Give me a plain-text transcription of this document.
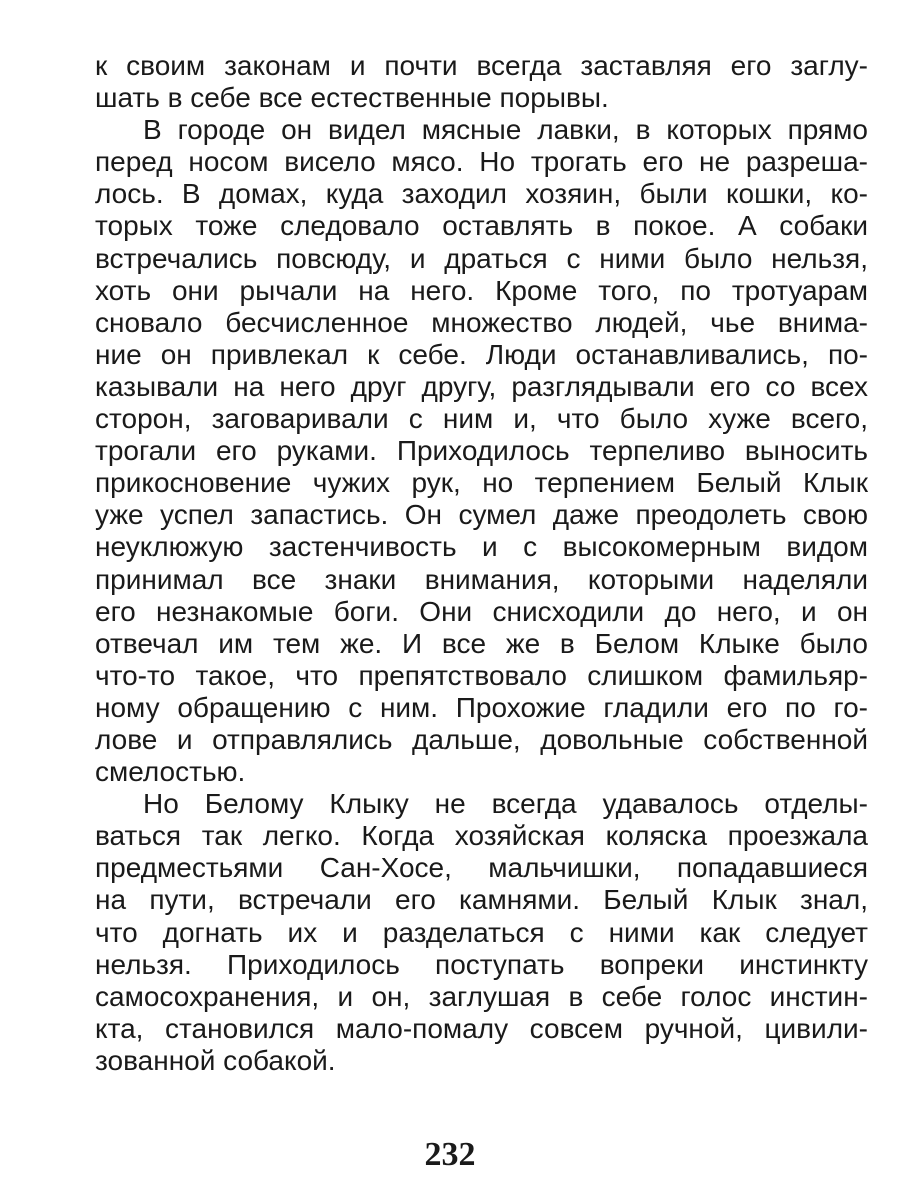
к своим законам и почти всегда заставляя его заглу-
шать в себе все естественные порывы.
В городе он видел мясные лавки, в которых прямо
перед носом висело мясо. Но трогать его не разреша-
лось. В домах, куда заходил хозяин, были кошки, ко-
торых тоже следовало оставлять в покое. А собаки
встречались повсюду, и драться с ними было нельзя,
хоть они рычали на него. Кроме того, по тротуарам
сновало бесчисленное множество людей, чье внима-
ние он привлекал к себе. Люди останавливались, по-
казывали на него друг другу, разглядывали его со всех
сторон, заговаривали с ним и, что было хуже всего,
трогали его руками. Приходилось терпеливо выносить
прикосновение чужих рук, но терпением Белый Клык
уже успел запастись. Он сумел даже преодолеть свою
неуклюжую застенчивость и с высокомерным видом
принимал все знаки внимания, которыми наделяли
его незнакомые боги. Они снисходили до него, и он
отвечал им тем же. И все же в Белом Клыке было
что-то такое, что препятствовало слишком фамильяр-
ному обращению с ним. Прохожие гладили его по го-
лове и отправлялись дальше, довольные собственной
смелостью.
Но Белому Клыку не всегда удавалось отделы-
ваться так легко. Когда хозяйская коляска проезжала
предместьями Сан-Хосе, мальчишки, попадавшиеся
на пути, встречали его камнями. Белый Клык знал,
что догнать их и разделаться с ними как следует
нельзя. Приходилось поступать вопреки инстинкту
самосохранения, и он, заглушая в себе голос инстин-
кта, становился мало-помалу совсем ручной, цивили-
зованной собакой.
232
